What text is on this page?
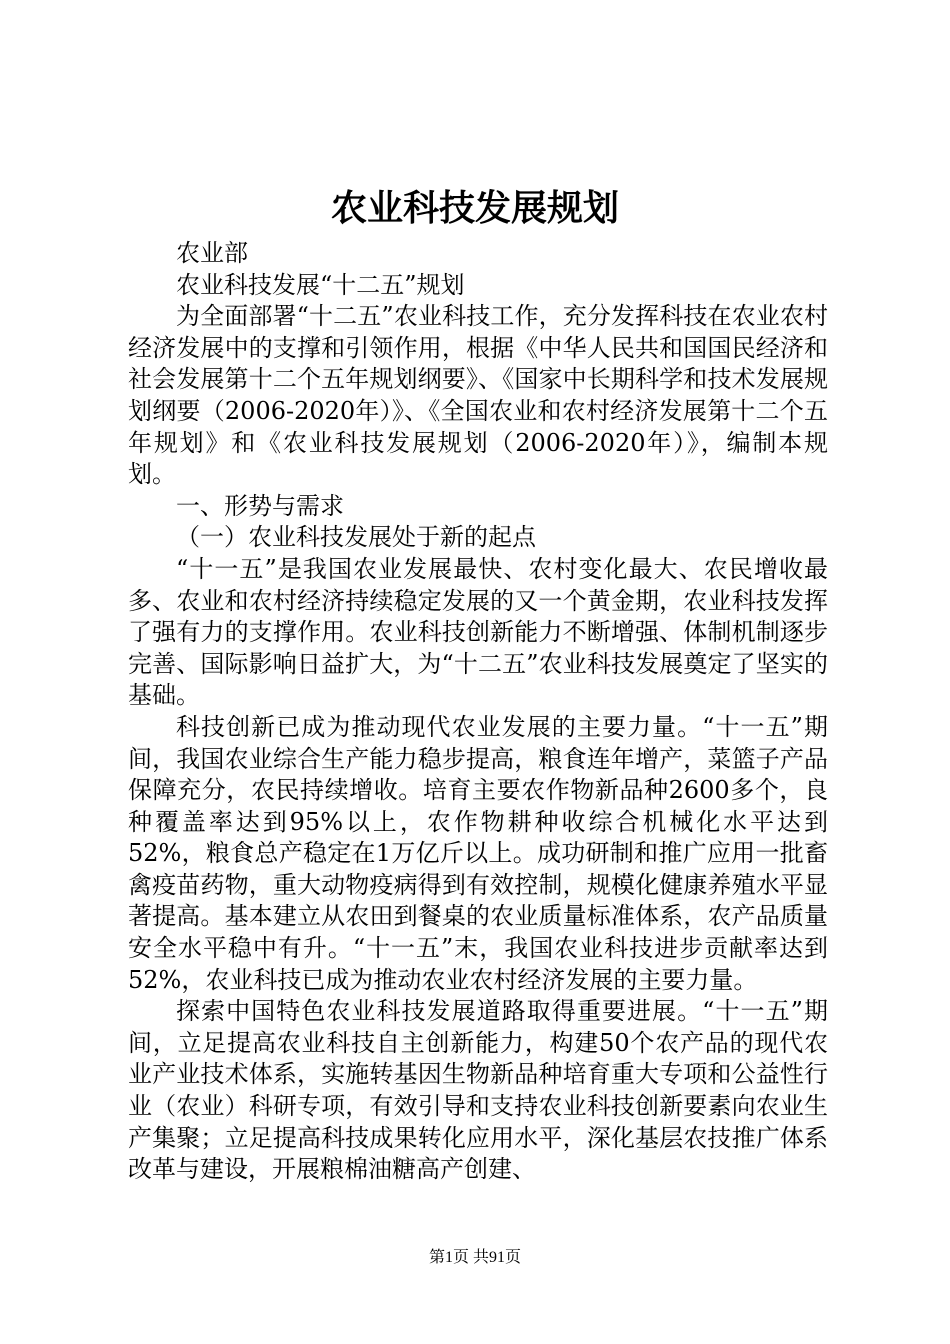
农业科技发展规划

农业部

农业科技发展“十二五”规划

为全面部署“十二五”农业科技工作，充分发挥科技在农业农村经济发展中的支撑和引领作用，根据《中华人民共和国国民经济和社会发展第十二个五年规划纲要》、《国家中长期科学和技术发展规划纲要（2006-2020年）》、《全国农业和农村经济发展第十二个五年规划》和《农业科技发展规划（2006-2020年）》，编制本规划。

一、形势与需求

（一）农业科技发展处于新的起点

“十一五”是我国农业发展最快、农村变化最大、农民增收最多、农业和农村经济持续稳定发展的又一个黄金期，农业科技发挥了强有力的支撑作用。农业科技创新能力不断增强、体制机制逐步完善、国际影响日益扩大，为“十二五”农业科技发展奠定了坚实的基础。

科技创新已成为推动现代农业发展的主要力量。“十一五”期间，我国农业综合生产能力稳步提高，粮食连年增产，菜篮子产品保障充分，农民持续增收。培育主要农作物新品种2600多个，良种覆盖率达到95%以上，农作物耕种收综合机械化水平达到52%，粮食总产稳定在1万亿斤以上。成功研制和推广应用一批畜禽疫苗药物，重大动物疫病得到有效控制，规模化健康养殖水平显著提高。基本建立从农田到餐桌的农业质量标准体系，农产品质量安全水平稳中有升。“十一五”末，我国农业科技进步贡献率达到52%，农业科技已成为推动农业农村经济发展的主要力量。

探索中国特色农业科技发展道路取得重要进展。“十一五”期间，立足提高农业科技自主创新能力，构建50个农产品的现代农业产业技术体系，实施转基因生物新品种培育重大专项和公益性行业（农业）科研专项，有效引导和支持农业科技创新要素向农业生产集聚；立足提高科技成果转化应用水平，深化基层农技推广体系改革与建设，开展粮棉油糖高产创建、

第1页 共91页
